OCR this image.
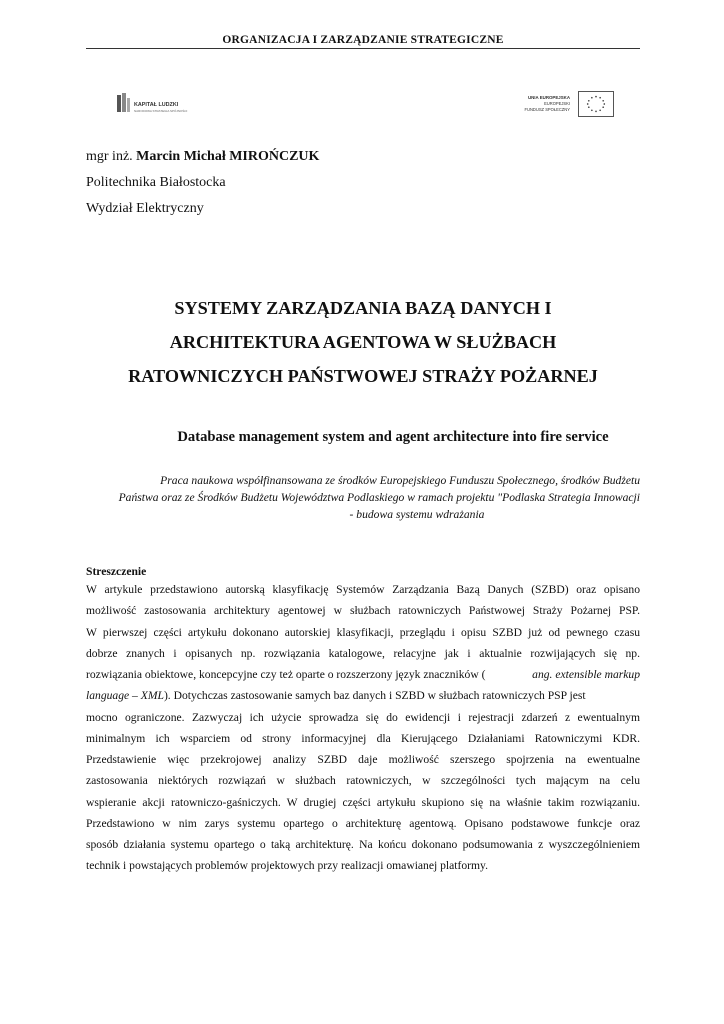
ORGANIZACJA I ZARZĄDZANIE STRATEGICZNE
KAPITAŁ LUDZKI
NARODOWA STRATEGIA SPÓJNOŚCI
UNIA EUROPEJSKA
EUROPEJSKI
FUNDUSZ SPOŁECZNY
mgr inż. Marcin Michał MIROŃCZUK
Politechnika Białostocka
Wydział Elektryczny
SYSTEMY ZARZĄDZANIA BAZĄ DANYCH I
ARCHITEKTURA AGENTOWA W SŁUŻBACH
RATOWNICZYCH PAŃSTWOWEJ STRAŻY POŻARNEJ
Database management system and agent architecture into fire service
Praca naukowa współfinansowana ze środków Europejskiego Funduszu Społecznego, środków Budżetu
Państwa oraz ze Środków Budżetu Województwa Podlaskiego w ramach projektu "Podlaska Strategia Innowacji
- budowa systemu wdrażania
Streszczenie
W artykule przedstawiono autorską klasyfikację Systemów Zarządzania Bazą Danych (SZBD) oraz opisano
możliwość zastosowania architektury agentowej w służbach ratowniczych Państwowej Straży Pożarnej PSP.
W pierwszej części artykułu dokonano autorskiej klasyfikacji, przeglądu i opisu SZBD już od pewnego czasu
dobrze znanych i opisanych np. rozwiązania katalogowe, relacyjne jak i aktualnie rozwijających się np.
rozwiązania obiektowe, koncepcyjne czy też oparte o rozszerzony język znaczników (	ang. extensible markup
language – XML). Dotychczas zastosowanie samych baz danych i SZBD w służbach ratowniczych PSP jest
mocno ograniczone. Zazwyczaj ich użycie sprowadza się do ewidencji i rejestracji zdarzeń z ewentualnym
minimalnym ich wsparciem od strony informacyjnej dla Kierującego Działaniami Ratowniczymi KDR.
Przedstawienie więc przekrojowej analizy SZBD daje możliwość szerszego spojrzenia na ewentualne
zastosowania niektórych rozwiązań w służbach ratowniczych, w szczególności tych mającym na celu
wspieranie akcji ratowniczo-gaśniczych. W drugiej części artykułu skupiono się na właśnie takim rozwiązaniu.
Przedstawiono w nim zarys systemu opartego o architekturę agentową. Opisano podstawowe funkcje oraz
sposób działania systemu opartego o taką architekturę. Na końcu dokonano podsumowania z wyszczególnieniem
technik i powstających problemów projektowych przy realizacji omawianej platformy.
